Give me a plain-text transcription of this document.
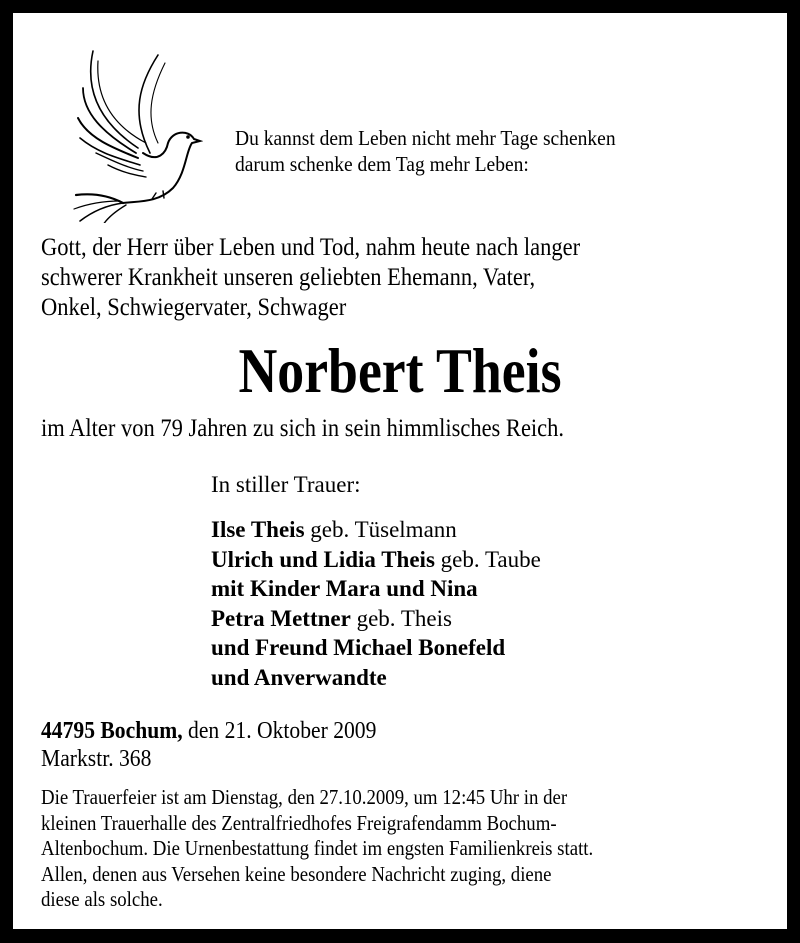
Du kannst dem Leben nicht mehr Tage schenken
darum schenke dem Tag mehr Leben:
Gott, der Herr über Leben und Tod, nahm heute nach langer
schwerer Krankheit unseren geliebten Ehemann, Vater,
Onkel, Schwiegervater, Schwager
Norbert Theis
im Alter von 79 Jahren zu sich in sein himmlisches Reich.
In stiller Trauer:
Ilse Theis geb. Tüselmann
Ulrich und Lidia Theis geb. Taube
mit Kinder Mara und Nina
Petra Mettner geb. Theis
und Freund Michael Bonefeld
und Anverwandte
44795 Bochum, den 21. Oktober 2009
Markstr. 368
Die Trauerfeier ist am Dienstag, den 27.10.2009, um 12:45 Uhr in der
kleinen Trauerhalle des Zentralfriedhofes Freigrafendamm Bochum-
Altenbochum. Die Urnenbestattung findet im engsten Familienkreis statt.
Allen, denen aus Versehen keine besondere Nachricht zuging, diene
diese als solche.
